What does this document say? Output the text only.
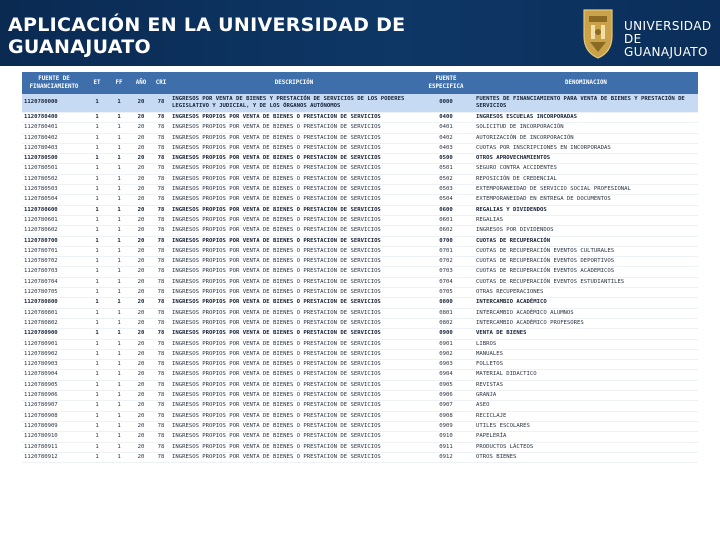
APLICACIÓN EN LA UNIVERSIDAD DE GUANAJUATO
UNIVERSIDAD DE
GUANAJUATO
FUENTE DE FINANCIAMIENTO	ET	FF	AÑO	CRI	DESCRIPCIÓN	FUENTE ESPECIFICA	DENOMINACION
1120780000	1	1	20	78	INGRESOS POR VENTA DE BIENES Y PRESTACIÓN DE SERVICIOS DE LOS PODERES LEGISLATIVO Y JUDICIAL, Y DE LOS ÓRGANOS AUTÓNOMOS	0000	FUENTES DE FINANCIAMIENTO PARA VENTA DE BIENES Y PRESTACIÓN DE SERVICIOS
1120780400	1	1	20	78	INGRESOS PROPIOS POR VENTA DE BIENES O PRESTACION DE SERVICIOS	0400	INGRESOS ESCUELAS INCORPORADAS
1120780401	1	1	20	78	INGRESOS PROPIOS POR VENTA DE BIENES O PRESTACION DE SERVICIOS	0401	SOLICITUD DE INCORPORACIÓN
1120780402	1	1	20	78	INGRESOS PROPIOS POR VENTA DE BIENES O PRESTACION DE SERVICIOS	0402	AUTORIZACIÓN DE INCORPORACIÓN
1120780403	1	1	20	78	INGRESOS PROPIOS POR VENTA DE BIENES O PRESTACION DE SERVICIOS	0403	CUOTAS POR INSCRIPCIONES EN INCORPORADAS
1120780500	1	1	20	78	INGRESOS PROPIOS POR VENTA DE BIENES O PRESTACION DE SERVICIOS	0500	OTROS APROVECHAMIENTOS
1120780501	1	1	20	78	INGRESOS PROPIOS POR VENTA DE BIENES O PRESTACION DE SERVICIOS	0501	SEGURO CONTRA ACCIDENTES
1120780502	1	1	20	78	INGRESOS PROPIOS POR VENTA DE BIENES O PRESTACION DE SERVICIOS	0502	REPOSICIÓN DE CREDENCIAL
1120780503	1	1	20	78	INGRESOS PROPIOS POR VENTA DE BIENES O PRESTACION DE SERVICIOS	0503	EXTEMPORANEIDAD DE SERVICIO SOCIAL PROFESIONAL
1120780504	1	1	20	78	INGRESOS PROPIOS POR VENTA DE BIENES O PRESTACION DE SERVICIOS	0504	EXTEMPORANEIDAD EN ENTREGA DE DOCUMENTOS
1120780600	1	1	20	78	INGRESOS PROPIOS POR VENTA DE BIENES O PRESTACION DE SERVICIOS	0600	REGALIAS Y DIVIDENDOS
1120780601	1	1	20	78	INGRESOS PROPIOS POR VENTA DE BIENES O PRESTACION DE SERVICIOS	0601	REGALIAS
1120780602	1	1	20	78	INGRESOS PROPIOS POR VENTA DE BIENES O PRESTACION DE SERVICIOS	0602	INGRESOS POR DIVIDENDOS
1120780700	1	1	20	78	INGRESOS PROPIOS POR VENTA DE BIENES O PRESTACION DE SERVICIOS	0700	CUOTAS DE RECUPERACIÓN
1120780701	1	1	20	78	INGRESOS PROPIOS POR VENTA DE BIENES O PRESTACION DE SERVICIOS	0701	CUOTAS DE RECUPERACIÓN EVENTOS CULTURALES
1120780702	1	1	20	78	INGRESOS PROPIOS POR VENTA DE BIENES O PRESTACION DE SERVICIOS	0702	CUOTAS DE RECUPERACIÓN EVENTOS DEPORTIVOS
1120780703	1	1	20	78	INGRESOS PROPIOS POR VENTA DE BIENES O PRESTACION DE SERVICIOS	0703	CUOTAS DE RECUPERACIÓN EVENTOS ACADEMICOS
1120780704	1	1	20	78	INGRESOS PROPIOS POR VENTA DE BIENES O PRESTACION DE SERVICIOS	0704	CUOTAS DE RECUPERACIÓN EVENTOS ESTUDIANTILES
1120780705	1	1	20	78	INGRESOS PROPIOS POR VENTA DE BIENES O PRESTACION DE SERVICIOS	0705	OTRAS RECUPERACIONES
1120780800	1	1	20	78	INGRESOS PROPIOS POR VENTA DE BIENES O PRESTACION DE SERVICIOS	0800	INTERCAMBIO ACADÉMICO
1120780801	1	1	20	78	INGRESOS PROPIOS POR VENTA DE BIENES O PRESTACION DE SERVICIOS	0801	INTERCAMBIO ACADÉMICO ALUMNOS
1120780802	1	1	20	78	INGRESOS PROPIOS POR VENTA DE BIENES O PRESTACION DE SERVICIOS	0802	INTERCAMBIO ACADÉMICO PROFESORES
1120780900	1	1	20	78	INGRESOS PROPIOS POR VENTA DE BIENES O PRESTACION DE SERVICIOS	0900	VENTA DE BIENES
1120780901	1	1	20	78	INGRESOS PROPIOS POR VENTA DE BIENES O PRESTACION DE SERVICIOS	0901	LIBROS
1120780902	1	1	20	78	INGRESOS PROPIOS POR VENTA DE BIENES O PRESTACION DE SERVICIOS	0902	MANUALES
1120780903	1	1	20	78	INGRESOS PROPIOS POR VENTA DE BIENES O PRESTACION DE SERVICIOS	0903	FOLLETOS
1120780904	1	1	20	78	INGRESOS PROPIOS POR VENTA DE BIENES O PRESTACION DE SERVICIOS	0904	MATERIAL DIDACTICO
1120780905	1	1	20	78	INGRESOS PROPIOS POR VENTA DE BIENES O PRESTACION DE SERVICIOS	0905	REVISTAS
1120780906	1	1	20	78	INGRESOS PROPIOS POR VENTA DE BIENES O PRESTACION DE SERVICIOS	0906	GRANJA
1120780907	1	1	20	78	INGRESOS PROPIOS POR VENTA DE BIENES O PRESTACION DE SERVICIOS	0907	ASEO
1120780908	1	1	20	78	INGRESOS PROPIOS POR VENTA DE BIENES O PRESTACION DE SERVICIOS	0908	RECICLAJE
1120780909	1	1	20	78	INGRESOS PROPIOS POR VENTA DE BIENES O PRESTACION DE SERVICIOS	0909	UTILES ESCOLARES
1120780910	1	1	20	78	INGRESOS PROPIOS POR VENTA DE BIENES O PRESTACION DE SERVICIOS	0910	PAPELERÍA
1120780911	1	1	20	78	INGRESOS PROPIOS POR VENTA DE BIENES O PRESTACION DE SERVICIOS	0911	PRODUCTOS LÁCTEOS
1120780912	1	1	20	78	INGRESOS PROPIOS POR VENTA DE BIENES O PRESTACION DE SERVICIOS	0912	OTROS BIENES
